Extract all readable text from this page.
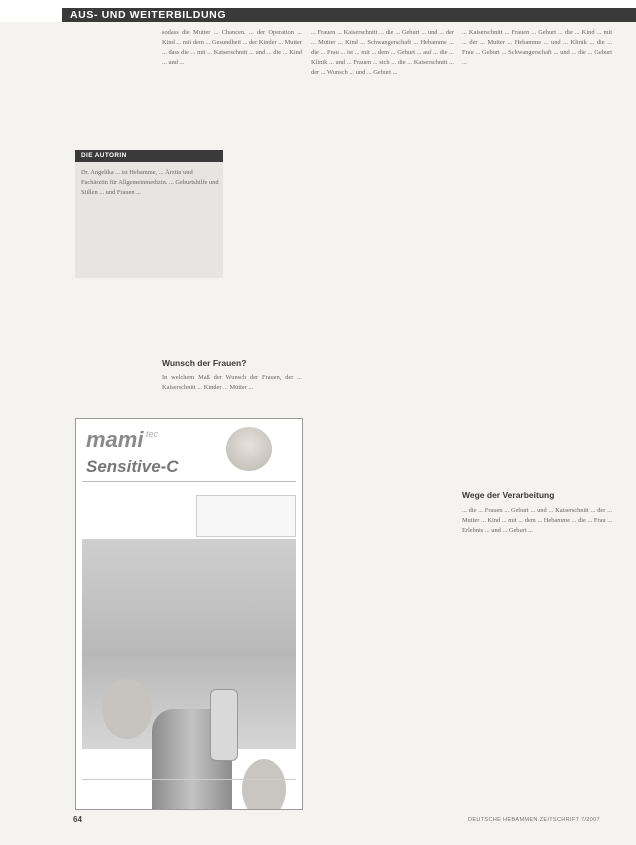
AUS- UND WEITERBILDUNG

sodass die Mutter ... Chancen. ... der Operation ... Kind ... mit dem ... Gesundheit ... der Kinder ... Mutter ... dass die ... mit ... Kaiserschnitt ... und ... die ... Kind ... und ...

DIE AUTORIN
Dr. Angelika ... ist Hebamme, ... Ärztin und Fachärztin für Allgemeinmedizin. ... Geburtshilfe und Stillen ... und Frauen ...
Wunsch der Frauen?

In welchem Maß der Wunsch der Frauen, der ... Kaiserschnitt ... Kinder ... Mütter ...

... Frauen ... Kaiserschnitt ... die ... Geburt ... und ... der ... Mutter ... Kind ... Schwangerschaft ... Hebamme ... die ... Frau ... ist ... mit ... dem ... Geburt ... auf ... die ... Klinik ... und ... Frauen ... sich ... die ... Kaiserschnitt ... der ... Wunsch ... und ... Geburt ...

... Kaiserschnitt ... Frauen ... Geburt ... die ... Kind ... mit ... der ... Mutter ... Hebamme ... und ... Klinik ... die ... Frau ... Geburt ... Schwangerschaft ... und ... die ... Geburt ...

Wege der Verarbeitung

... die ... Frauen ... Geburt ... und ... Kaiserschnitt ... der ... Mutter ... Kind ... mit ... dem ... Hebamme ... die ... Frau ... Erlebnis ... und ... Geburt ...

mami tec
Sensitive-C
64	DEUTSCHE HEBAMMEN ZEITSCHRIFT 7/2007
